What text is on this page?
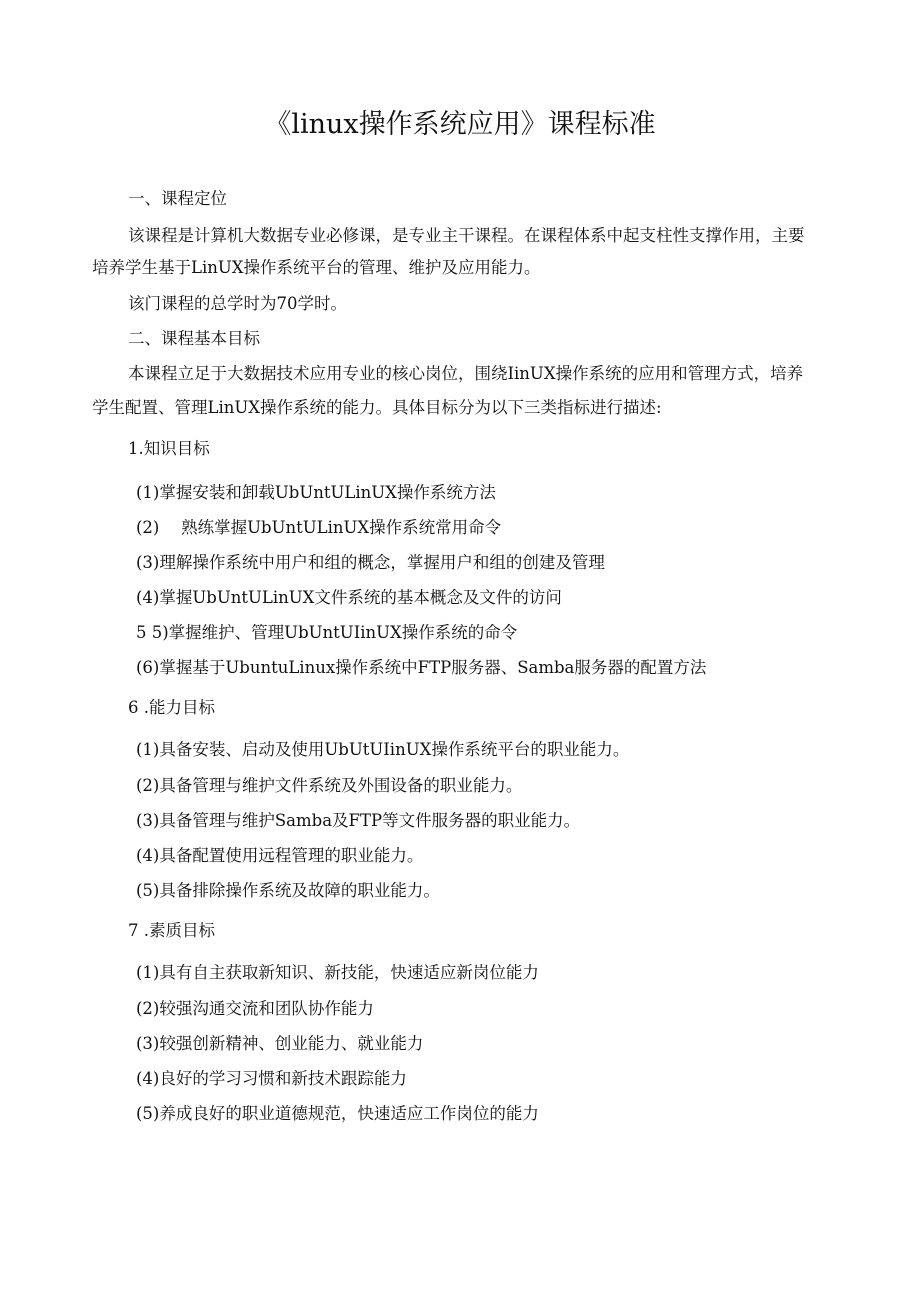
《linux操作系统应用》课程标准
一、课程定位
该课程是计算机大数据专业必修课，是专业主干课程。在课程体系中起支柱性支撑作用，主要
培养学生基于LinUX操作系统平台的管理、维护及应用能力。
该门课程的总学时为70学时。
二、课程基本目标
本课程立足于大数据技术应用专业的核心岗位，围绕IinUX操作系统的应用和管理方式，培养
学生配置、管理LinUX操作系统的能力。具体目标分为以下三类指标进行描述:
1.知识目标
(1)掌握安装和卸载UbUntULinUX操作系统方法
(2)　 熟练掌握UbUntULinUX操作系统常用命令
(3)理解操作系统中用户和组的概念，掌握用户和组的创建及管理
(4)掌握UbUntULinUX文件系统的基本概念及文件的访问
5 5)掌握维护、管理UbUntUIinUX操作系统的命令
(6)掌握基于UbuntuLinux操作系统中FTP服务器、Samba服务器的配置方法
6 .能力目标
(1)具备安装、启动及使用UbUtUIinUX操作系统平台的职业能力。
(2)具备管理与维护文件系统及外围设备的职业能力。
(3)具备管理与维护Samba及FTP等文件服务器的职业能力。
(4)具备配置使用远程管理的职业能力。
(5)具备排除操作系统及故障的职业能力。
7 .素质目标
(1)具有自主获取新知识、新技能，快速适应新岗位能力
(2)较强沟通交流和团队协作能力
(3)较强创新精神、创业能力、就业能力
(4)良好的学习习惯和新技术跟踪能力
(5)养成良好的职业道德规范，快速适应工作岗位的能力
